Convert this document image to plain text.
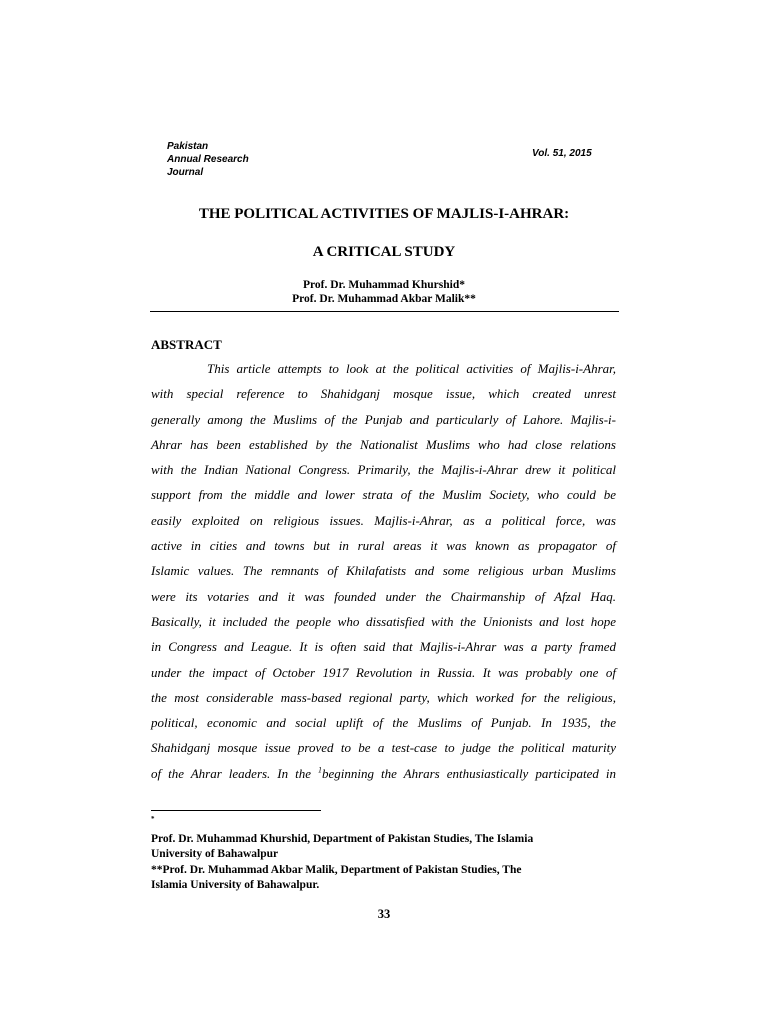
Pakistan
Annual Research
Journal
Vol. 51, 2015
THE POLITICAL ACTIVITIES OF MAJLIS-I-AHRAR:
A CRITICAL STUDY
Prof. Dr. Muhammad Khurshid*
Prof. Dr. Muhammad Akbar Malik**
ABSTRACT
This article attempts to look at the political activities of Majlis-i-Ahrar,
with special reference to Shahidganj mosque issue, which created unrest
generally among the Muslims of the Punjab and particularly of Lahore. Majlis-i-
Ahrar has been established by the Nationalist Muslims who had close relations
with the Indian National Congress. Primarily, the Majlis-i-Ahrar drew it political
support from the middle and lower strata of the Muslim Society, who could be
easily exploited on religious issues. Majlis-i-Ahrar, as a political force, was
active in cities and towns but in rural areas it was known as propagator of
Islamic values. The remnants of Khilafatists and some religious urban Muslims
were its votaries and it was founded under the Chairmanship of Afzal Haq.
Basically, it included the people who dissatisfied with the Unionists and lost hope
in Congress and League. It is often said that Majlis-i-Ahrar was a party framed
under the impact of October 1917 Revolution in Russia. It was probably one of
the most considerable mass-based regional party, which worked for the religious,
political, economic and social uplift of the Muslims of Punjab. In 1935, the
Shahidganj mosque issue proved to be a test-case to judge the political maturity
of the Ahrar leaders. In the $^1$beginning the Ahrars enthusiastically participated in
*
Prof. Dr. Muhammad Khurshid, Department of Pakistan Studies, The Islamia
University of Bahawalpur
**Prof. Dr. Muhammad Akbar Malik, Department of Pakistan Studies, The
Islamia University of Bahawalpur.
33
